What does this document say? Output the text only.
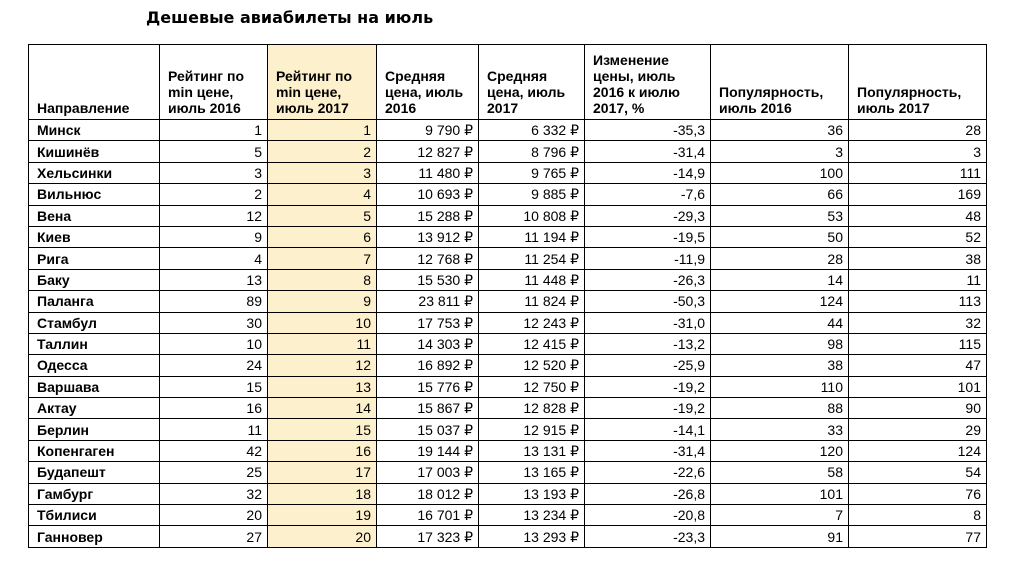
Дешевые авиабилеты на июль
Направление	Рейтинг по min цене, июль 2016	Рейтинг по min цене, июль 2017	Средняя цена, июль 2016	Средняя цена, июль 2017	Изменение цены, июль 2016 к июлю 2017, %	Популярность, июль 2016	Популярность, июль 2017
Минск	1	1	9 790 ₽	6 332 ₽	-35,3	36	28
Кишинёв	5	2	12 827 ₽	8 796 ₽	-31,4	3	3
Хельсинки	3	3	11 480 ₽	9 765 ₽	-14,9	100	111
Вильнюс	2	4	10 693 ₽	9 885 ₽	-7,6	66	169
Вена	12	5	15 288 ₽	10 808 ₽	-29,3	53	48
Киев	9	6	13 912 ₽	11 194 ₽	-19,5	50	52
Рига	4	7	12 768 ₽	11 254 ₽	-11,9	28	38
Баку	13	8	15 530 ₽	11 448 ₽	-26,3	14	11
Паланга	89	9	23 811 ₽	11 824 ₽	-50,3	124	113
Стамбул	30	10	17 753 ₽	12 243 ₽	-31,0	44	32
Таллин	10	11	14 303 ₽	12 415 ₽	-13,2	98	115
Одесса	24	12	16 892 ₽	12 520 ₽	-25,9	38	47
Варшава	15	13	15 776 ₽	12 750 ₽	-19,2	110	101
Актау	16	14	15 867 ₽	12 828 ₽	-19,2	88	90
Берлин	11	15	15 037 ₽	12 915 ₽	-14,1	33	29
Копенгаген	42	16	19 144 ₽	13 131 ₽	-31,4	120	124
Будапешт	25	17	17 003 ₽	13 165 ₽	-22,6	58	54
Гамбург	32	18	18 012 ₽	13 193 ₽	-26,8	101	76
Тбилиси	20	19	16 701 ₽	13 234 ₽	-20,8	7	8
Ганновер	27	20	17 323 ₽	13 293 ₽	-23,3	91	77
